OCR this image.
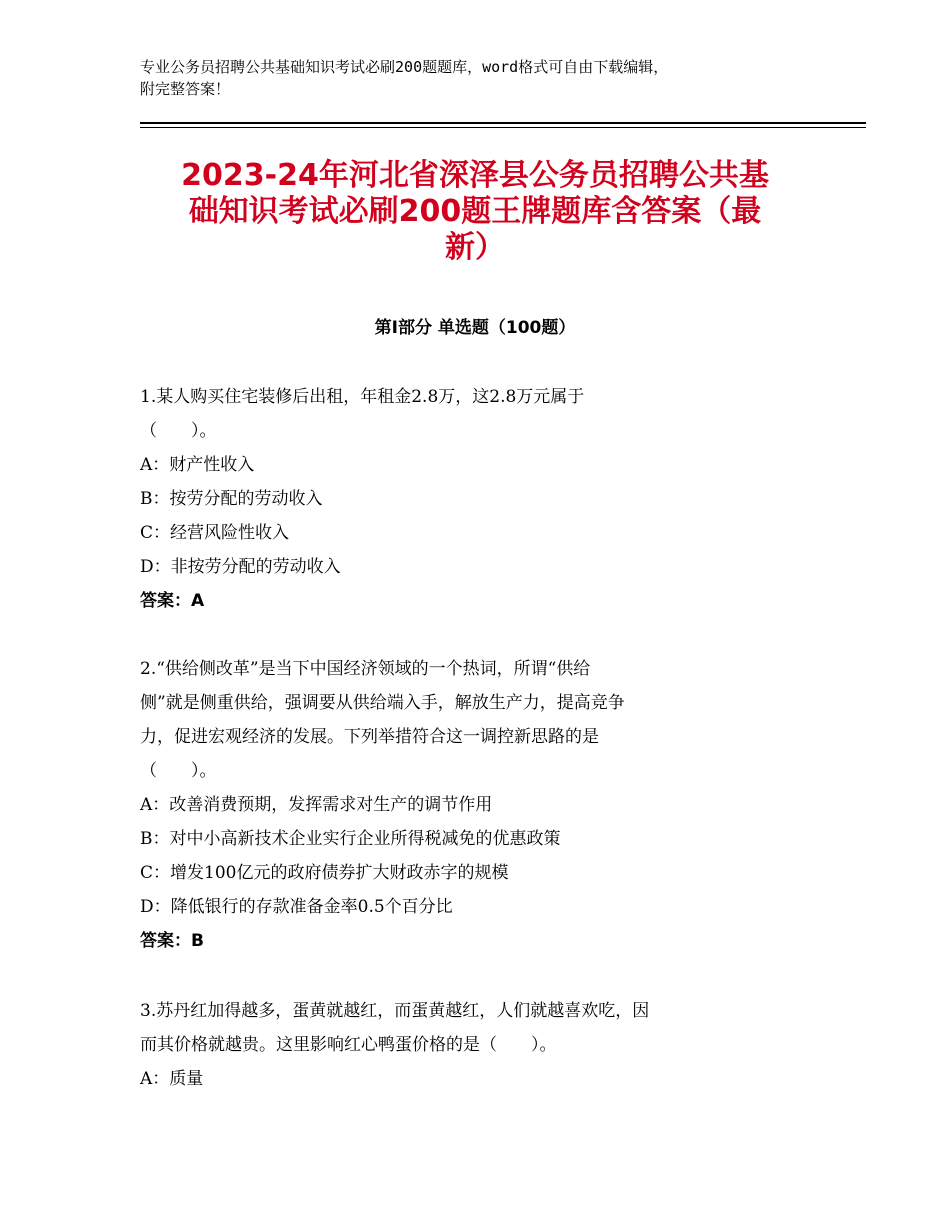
专业公务员招聘公共基础知识考试必刷200题题库，word格式可自由下载编辑，
附完整答案！
2023-24年河北省深泽县公务员招聘公共基
础知识考试必刷200题王牌题库含答案（最
新）
第Ⅰ部分 单选题（100题）
1.某人购买住宅装修后出租，年租金2.8万，这2.8万元属于
（　　）。
A：财产性收入
B：按劳分配的劳动收入
C：经营风险性收入
D：非按劳分配的劳动收入
答案：A
2.“供给侧改革”是当下中国经济领域的一个热词，所谓“供给
侧”就是侧重供给，强调要从供给端入手，解放生产力，提高竞争
力，促进宏观经济的发展。下列举措符合这一调控新思路的是
（　　）。
A：改善消费预期，发挥需求对生产的调节作用
B：对中小高新技术企业实行企业所得税减免的优惠政策
C：增发100亿元的政府债券扩大财政赤字的规模
D：降低银行的存款准备金率0.5个百分比
答案：B
3.苏丹红加得越多，蛋黄就越红，而蛋黄越红，人们就越喜欢吃，因
而其价格就越贵。这里影响红心鸭蛋价格的是（　　）。
A：质量
